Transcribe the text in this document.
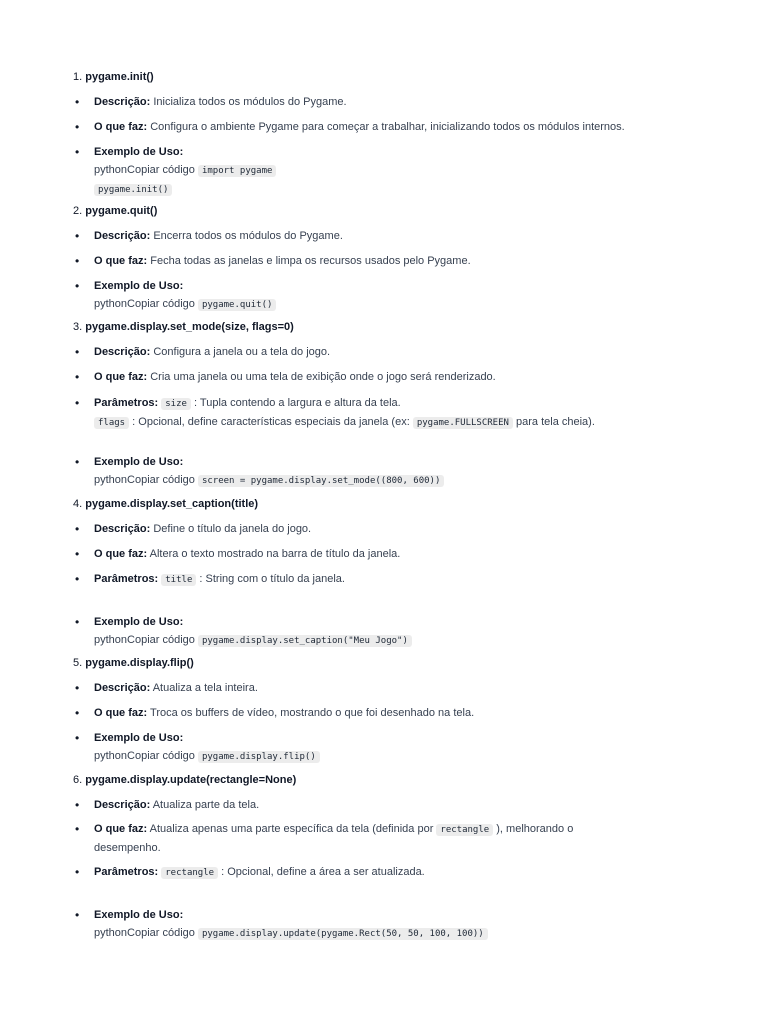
1. pygame.init()
• Descrição: Inicializa todos os módulos do Pygame.
• O que faz: Configura o ambiente Pygame para começar a trabalhar, inicializando todos os módulos internos.
• Exemplo de Uso:
pythonCopiar código import pygame
pygame.init()
2. pygame.quit()
• Descrição: Encerra todos os módulos do Pygame.
• O que faz: Fecha todas as janelas e limpa os recursos usados pelo Pygame.
• Exemplo de Uso:
pythonCopiar código pygame.quit()
3. pygame.display.set_mode(size, flags=0)
• Descrição: Configura a janela ou a tela do jogo.
• O que faz: Cria uma janela ou uma tela de exibição onde o jogo será renderizado.
• Parâmetros: size : Tupla contendo a largura e altura da tela.
flags : Opcional, define características especiais da janela (ex: pygame.FULLSCREEN para tela cheia).
• Exemplo de Uso:
pythonCopiar código screen = pygame.display.set_mode((800, 600))
4. pygame.display.set_caption(title)
• Descrição: Define o título da janela do jogo.
• O que faz: Altera o texto mostrado na barra de título da janela.
• Parâmetros: title : String com o título da janela.
• Exemplo de Uso:
pythonCopiar código pygame.display.set_caption("Meu Jogo")
5. pygame.display.flip()
• Descrição: Atualiza a tela inteira.
• O que faz: Troca os buffers de vídeo, mostrando o que foi desenhado na tela.
• Exemplo de Uso:
pythonCopiar código pygame.display.flip()
6. pygame.display.update(rectangle=None)
• Descrição: Atualiza parte da tela.
• O que faz: Atualiza apenas uma parte específica da tela (definida por rectangle ), melhorando o
desempenho.
• Parâmetros: rectangle : Opcional, define a área a ser atualizada.
• Exemplo de Uso:
pythonCopiar código pygame.display.update(pygame.Rect(50, 50, 100, 100))
